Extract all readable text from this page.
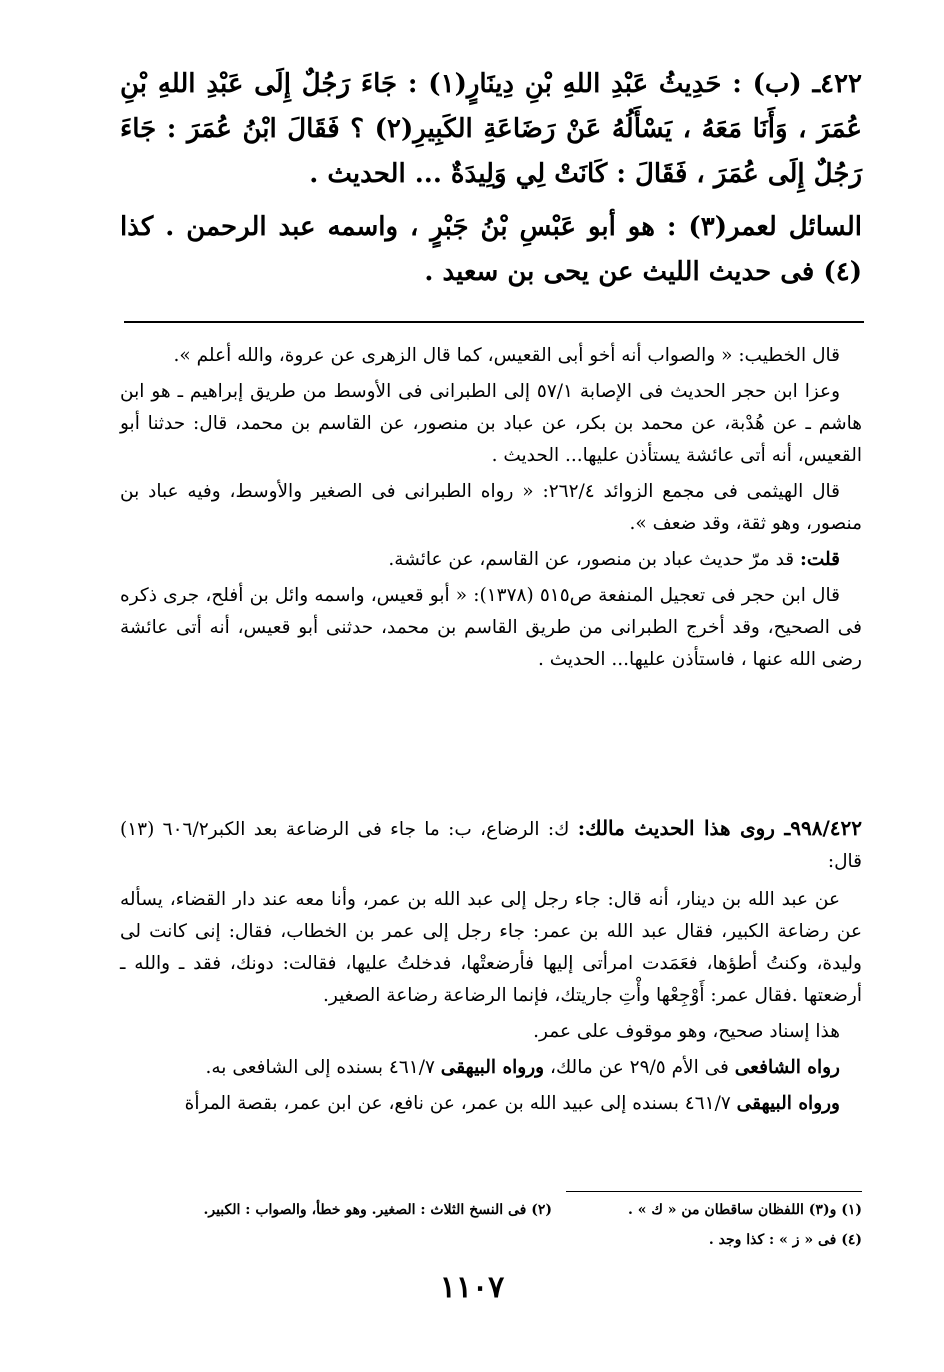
٤٢٢ـ (ب) : حَدِيثُ عَبْدِ اللهِ بْنِ دِينَارٍ(١) : جَاءَ رَجُلٌ إِلَى عَبْدِ اللهِ بْنِ عُمَرَ ، وَأَنَا مَعَهُ ، يَسْأَلُهُ عَنْ رَضَاعَةِ الكَبِيرِ(٢) ؟ فَقَالَ ابْنُ عُمَرَ : جَاءَ رَجُلٌ إِلَى عُمَرَ ، فَقَالَ : كَانَتْ لِي وَلِيدَةٌ ... الحديث .

السائل لعمر(٣) : هو أبو عَبْسِ بْنُ جَبْرٍ ، واسمه عبد الرحمن . كذا (٤) فى حديث الليث عن يحى بن سعيد .

قال الخطيب: « والصواب أنه أخو أبى القعيس، كما قال الزهرى عن عروة، والله أعلم ».

وعزا ابن حجر الحديث فى الإصابة ٥٧/١ إلى الطبرانى فى الأوسط من طريق إبراهيم ـ هو ابن هاشم ـ عن هُدْبة، عن محمد بن بكر، عن عباد بن منصور، عن القاسم بن محمد، قال: حدثنا أبو القعيس، أنه أتى عائشة يستأذن عليها... الحديث .

قال الهيثمى فى مجمع الزوائد ٢٦٢/٤: « رواه الطبرانى فى الصغير والأوسط، وفيه عباد بن منصور، وهو ثقة، وقد ضعف ».

قلت: قد مرّ حديث عباد بن منصور، عن القاسم، عن عائشة.

قال ابن حجر فى تعجيل المنفعة ص٥١٥ (١٣٧٨): « أبو قعيس، واسمه وائل بن أفلح، جرى ذكره فى الصحيح، وقد أخرج الطبرانى من طريق القاسم بن محمد، حدثنى أبو قعيس، أنه أتى عائشة رضى الله عنها ، فاستأذن عليها... الحديث .

٩٩٨/٤٢٢ـ روى هذا الحديث مالك: ك: الرضاع، ب: ما جاء فى الرضاعة بعد الكبر٦٠٦/٢ (١٣) قال:

عن عبد الله بن دينار، أنه قال: جاء رجل إلى عبد الله بن عمر، وأنا معه عند دار القضاء، يسأله عن رضاعة الكبير، فقال عبد الله بن عمر: جاء رجل إلى عمر بن الخطاب، فقال: إنى كانت لى وليدة، وكنتُ أطؤها، فعَمَدت امرأتى إليها فأرضعتْها، فدخلتُ عليها، فقالت: دونك، فقد ـ والله ـ أرضعتها .فقال عمر: أَوْجِعْها وأْتِ جاريتك، فإنما الرضاعة رضاعة الصغير.

هذا إسناد صحيح، وهو موقوف على عمر.

رواه الشافعى فى الأم ٢٩/٥ عن مالك، ورواه البيهقى ٤٦١/٧ بسنده إلى الشافعى به.

ورواه البيهقى ٤٦١/٧ بسنده إلى عبيد الله بن عمر، عن نافع، عن ابن عمر، بقصة المرأة

(١) و(٣) اللفظان ساقطان من « ك » .
(٢) فى النسخ الثلاث : الصغير. وهو خطأ، والصواب : الكبير.
(٤) فى « ز » : كذا وجد .
١١٠٧
